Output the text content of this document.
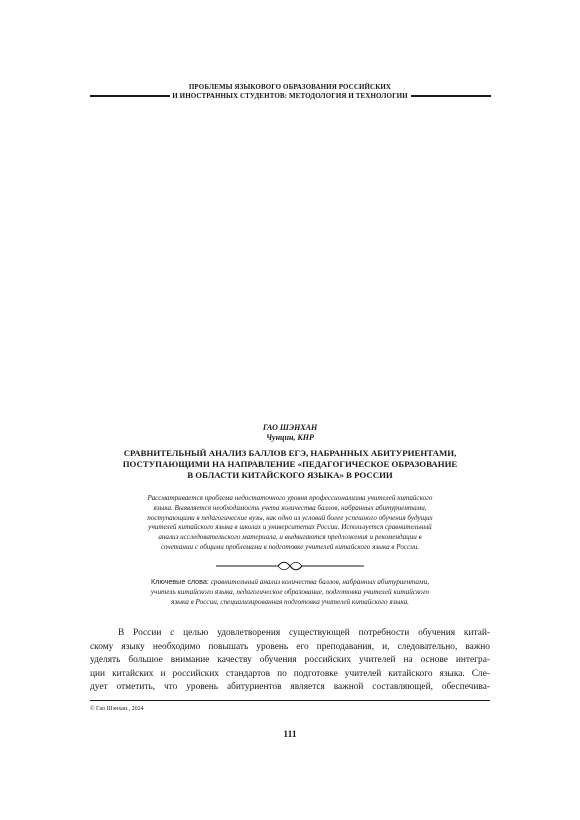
ПРОБЛЕМЫ ЯЗЫКОВОГО ОБРАЗОВАНИЯ РОССИЙСКИХ
И ИНОСТРАННЫХ СТУДЕНТОВ: МЕТОДОЛОГИЯ И ТЕХНОЛОГИИ
ГАО ШЭНХАН
Чунцин, КНР
СРАВНИТЕЛЬНЫЙ АНАЛИЗ БАЛЛОВ ЕГЭ, НАБРАННЫХ АБИТУРИЕНТАМИ,
ПОСТУПАЮЩИМИ НА НАПРАВЛЕНИЕ «ПЕДАГОГИЧЕСКОЕ ОБРАЗОВАНИЕ
В ОБЛАСТИ КИТАЙСКОГО ЯЗЫКА» В РОССИИ
Рассматривается проблема недостаточного уровня профессионализма учителей китайского
языка. Выявляется необходимость учета количества баллов, набранных абитуриентами,
поступающими в педагогические вузы, как одно из условий более успешного обучения будущих
учителей китайского языка в школах и университетах России. Используется сравнительный
анализ исследовательского материала, и выдвигаются предложения и рекомендации в
сочетании с общими проблемами в подготовке учителей китайского языка в России.
Ключевые слова: сравнительный анализ количества баллов, набранных абитуриентами,
учитель китайского языка, педагогическое образование, подготовка учителей китайского
языка в России, специализированная подготовка учителей китайского языка.
В России с целью удовлетворения существующей потребности обучения китай-
скому языку необходимо повышать уровень его преподавания, и, следовательно, важно
уделять большое внимание качеству обучения российских учителей на основе интегра-
ции китайских и российских стандартов по подготовке учителей китайского языка. Сле-
дует отметить, что уровень абитуриентов является важной составляющей, обеспечива-
© Гао Шэнхан., 2024
111
